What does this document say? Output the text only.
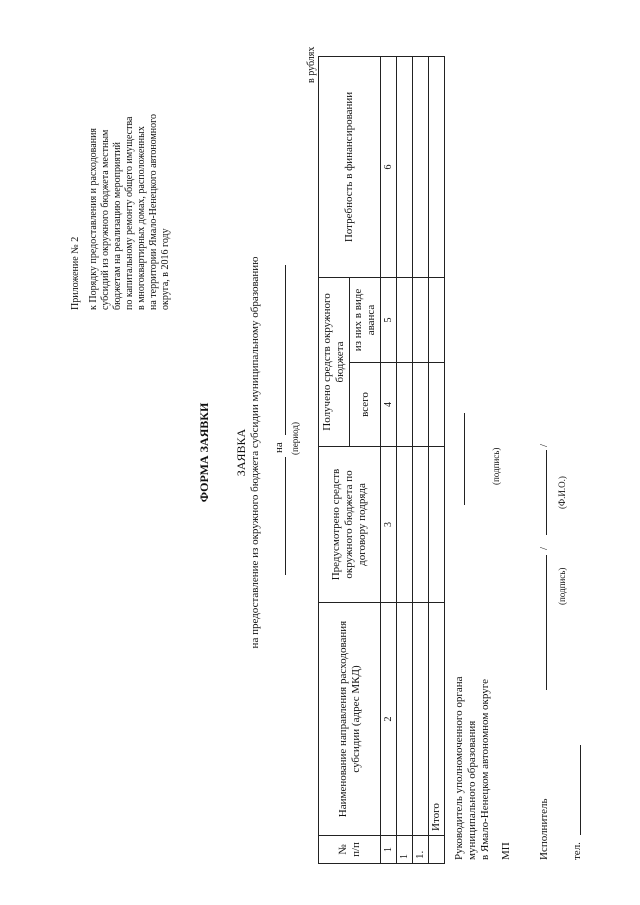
Приложение № 2 к Порядку предоставления и расходования субсидий из окружного бюджета местным бюджетам на реализацию мероприятий по капитальному ремонту общего имущества в многоквартирных домах, расположенных на территории Ямало-Ненецкого автономного округа, в 2016 году
ФОРМА ЗАЯВКИ ЗАЯВКА на предоставление из окружного бюджета субсидии муниципальному образованию на (период)
в рублях
№ п/п	Наименование направления расходования субсидии (адрес МКД)	Предусмотрено средств окружного бюджета по договору подряда	Получено средств окружного бюджета		Потребность в финансировании
			всего	из них в виде аванса	
1	2	3	4	5	6
1					
1.					
	Итого				Руководитель уполномоченного органа муниципального образования в Ямало-Ненецком автономном округе
(подпись)
МП Исполнитель
/
/
(подпись)
(Ф.И.О.)
тел.
